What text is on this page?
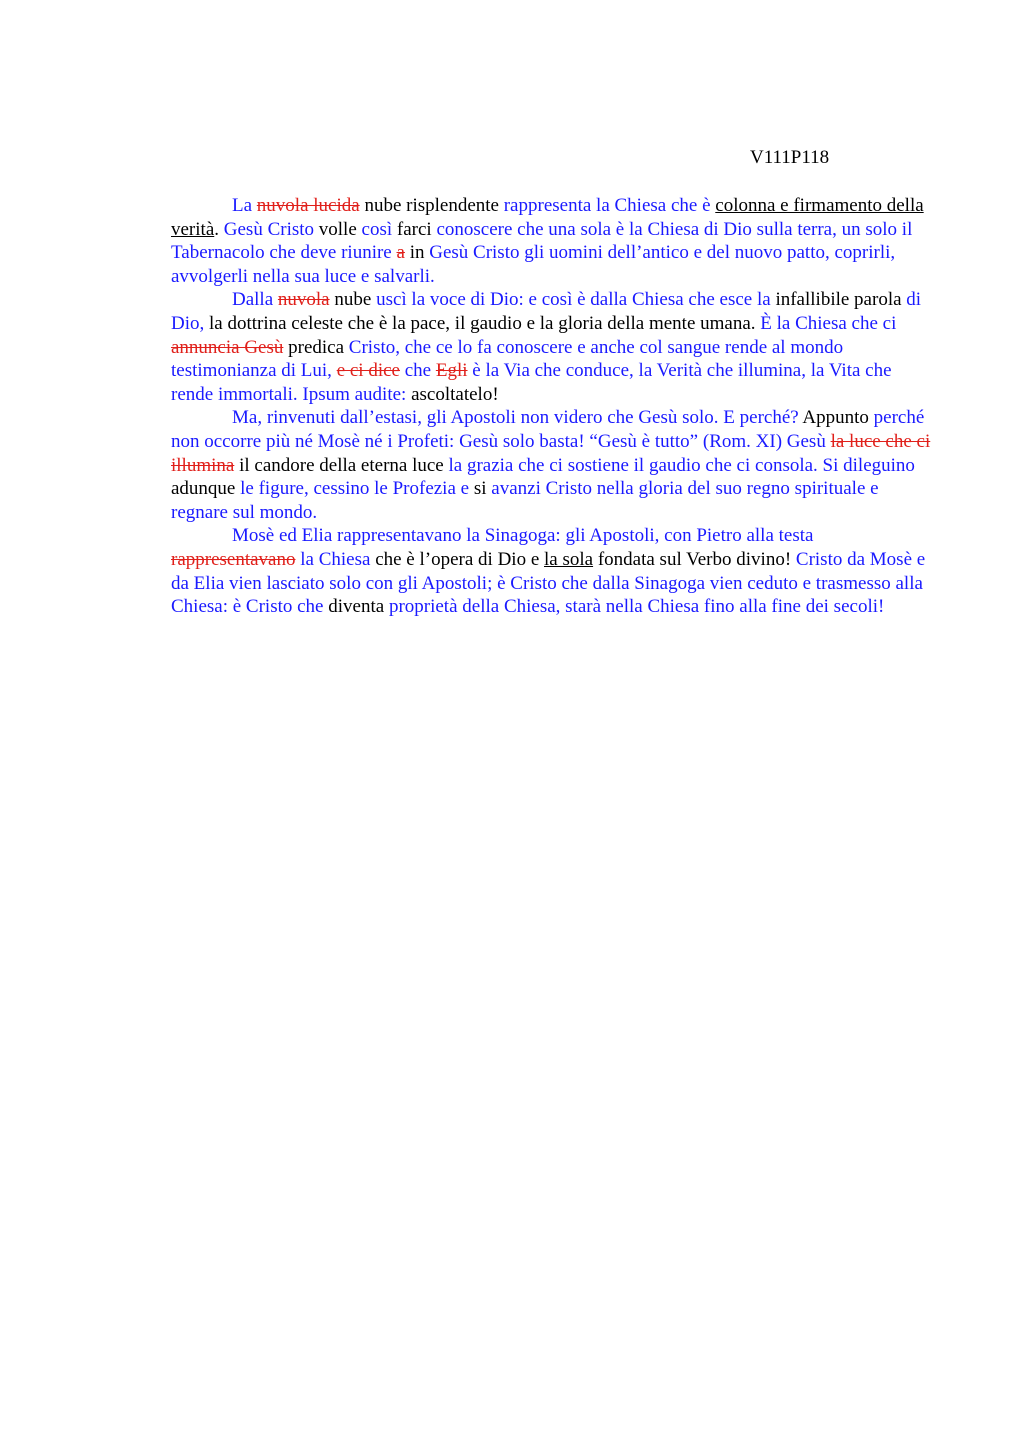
V111P118

La nuvola lucida nube risplendente rappresenta la Chiesa che è colonna e firmamento della verità. Gesù Cristo volle così farci conoscere che una sola è la Chiesa di Dio sulla terra, un solo il Tabernacolo che deve riunire a in Gesù Cristo gli uomini dell’antico e del nuovo patto, coprirli, avvolgerli nella sua luce e salvarli.

Dalla nuvola nube uscì la voce di Dio: e così è dalla Chiesa che esce la infallibile parola di Dio, la dottrina celeste che è la pace, il gaudio e la gloria della mente umana. È la Chiesa che ci annuncia Gesù predica Cristo, che ce lo fa conoscere e anche col sangue rende al mondo testimonianza di Lui, e ci dice che Egli è la Via che conduce, la Verità che illumina, la Vita che rende immortali. Ipsum audite: ascoltatelo!

Ma, rinvenuti dall’estasi, gli Apostoli non videro che Gesù solo. E perché? Appunto perché non occorre più né Mosè né i Profeti: Gesù solo basta! “Gesù è tutto” (Rom. XI) Gesù la luce che ci illumina il candore della eterna luce la grazia che ci sostiene il gaudio che ci consola. Si dileguino adunque le figure, cessino le Profezia e si avanzi Cristo nella gloria del suo regno spirituale e regnare sul mondo.

Mosè ed Elia rappresentavano la Sinagoga: gli Apostoli, con Pietro alla testa rappresentavano la Chiesa che è l’opera di Dio e la sola fondata sul Verbo divino! Cristo da Mosè e da Elia vien lasciato solo con gli Apostoli; è Cristo che dalla Sinagoga vien ceduto e trasmesso alla Chiesa: è Cristo che diventa proprietà della Chiesa, starà nella Chiesa fino alla fine dei secoli!
